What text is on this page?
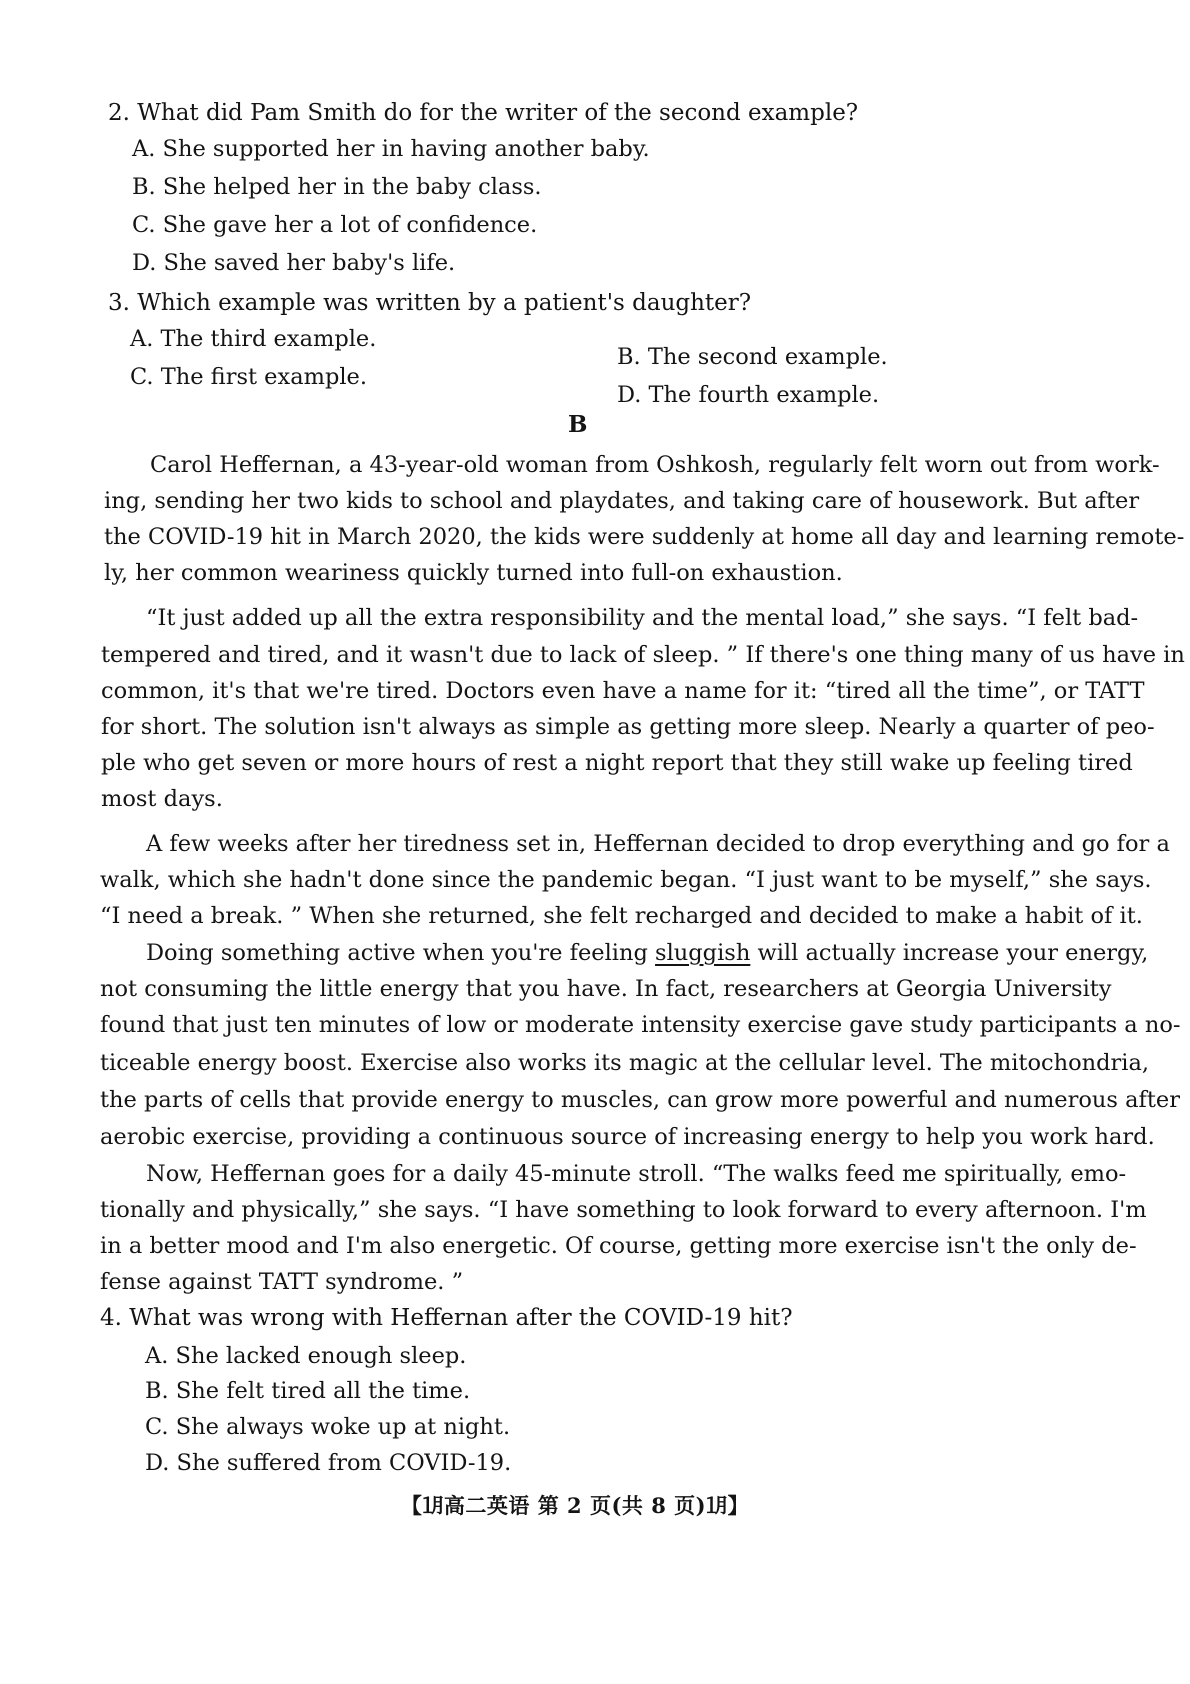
2. What did Pam Smith do for the writer of the second example?
A. She supported her in having another baby.
B. She helped her in the baby class.
C. She gave her a lot of confidence.
D. She saved her baby's life.
3. Which example was written by a patient's daughter?
A. The third example.
B. The second example.
C. The first example.
D. The fourth example.
B
Carol Heffernan, a 43-year-old woman from Oshkosh, regularly felt worn out from work-
ing, sending her two kids to school and playdates, and taking care of housework. But after
the COVID-19 hit in March 2020, the kids were suddenly at home all day and learning remote-
ly, her common weariness quickly turned into full-on exhaustion.
“It just added up all the extra responsibility and the mental load,” she says. “I felt bad-
tempered and tired, and it wasn't due to lack of sleep. ” If there's one thing many of us have in
common, it's that we're tired. Doctors even have a name for it: “tired all the time”, or TATT
for short. The solution isn't always as simple as getting more sleep. Nearly a quarter of peo-
ple who get seven or more hours of rest a night report that they still wake up feeling tired
most days.
A few weeks after her tiredness set in, Heffernan decided to drop everything and go for a
walk, which she hadn't done since the pandemic began. “I just want to be myself,” she says.
“I need a break. ” When she returned, she felt recharged and decided to make a habit of it.
Doing something active when you're feeling sluggish will actually increase your energy,
not consuming the little energy that you have. In fact, researchers at Georgia University
found that just ten minutes of low or moderate intensity exercise gave study participants a no-
ticeable energy boost. Exercise also works its magic at the cellular level. The mitochondria,
the parts of cells that provide energy to muscles, can grow more powerful and numerous after
aerobic exercise, providing a continuous source of increasing energy to help you work hard.
Now, Heffernan goes for a daily 45-minute stroll. “The walks feed me spiritually, emo-
tionally and physically,” she says. “I have something to look forward to every afternoon. I'm
in a better mood and I'm also energetic. Of course, getting more exercise isn't the only de-
fense against TATT syndrome. ”
4. What was wrong with Heffernan after the COVID-19 hit?
A. She lacked enough sleep.
B. She felt tired all the time.
C. She always woke up at night.
D. She suffered from COVID-19.
【㋀高二英语 第 2 页(共 8 页)㋀】
